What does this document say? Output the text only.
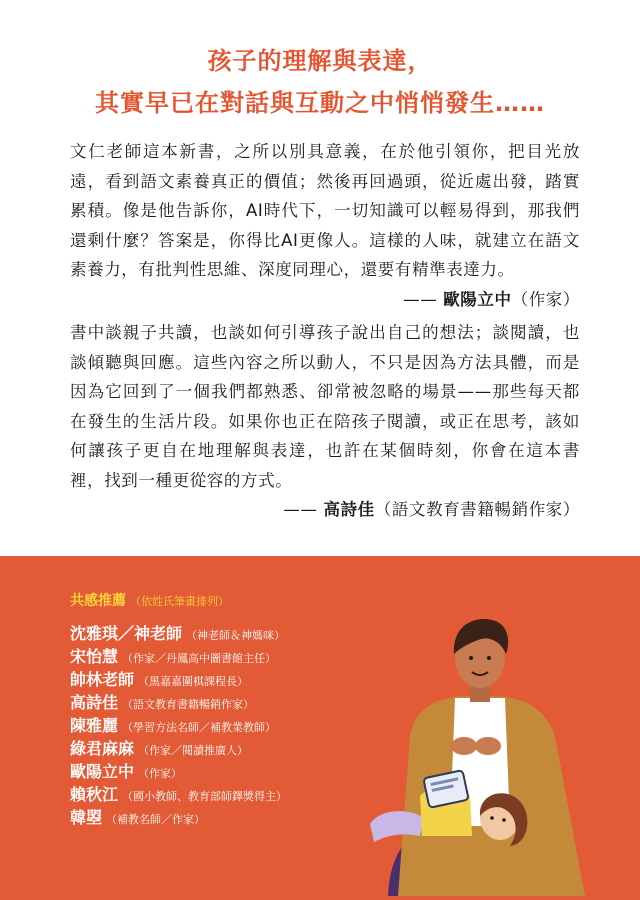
孩子的理解與表達，
其實早已在對話與互動之中悄悄發生……
文仁老師這本新書，之所以別具意義，在於他引領你，把目光放遠，看到語文素養真正的價值；然後再回過頭，從近處出發，踏實累積。像是他告訴你，AI時代下，一切知識可以輕易得到，那我們還剩什麼？答案是，你得比AI更像人。這樣的人味，就建立在語文素養力，有批判性思維、深度同理心，還要有精準表達力。
—— 歐陽立中（作家）
書中談親子共讀，也談如何引導孩子說出自己的想法；談閱讀，也談傾聽與回應。這些內容之所以動人，不只是因為方法具體，而是因為它回到了一個我們都熟悉、卻常被忽略的場景——那些每天都在發生的生活片段。如果你也正在陪孩子閱讀，或正在思考，該如何讓孩子更自在地理解與表達，也許在某個時刻，你會在這本書裡，找到一種更從容的方式。
—— 高詩佳（語文教育書籍暢銷作家）
共感推薦 （依姓氏筆畫排列）
沈雅琪／神老師 （神老師＆神媽咪）
宋怡慧 （作家／丹鳳高中圖書館主任）
帥林老師 （黑嘉嘉圍棋課程長）
高詩佳 （語文教育書籍暢銷作家）
陳雅麗 （學習方法名師／補教業教師）
綠君麻麻 （作家／閱讀推廣人）
歐陽立中 （作家）
賴秋江 （國小教師、教育部師鐸獎得主）
韓曌 （補教名師／作家）
